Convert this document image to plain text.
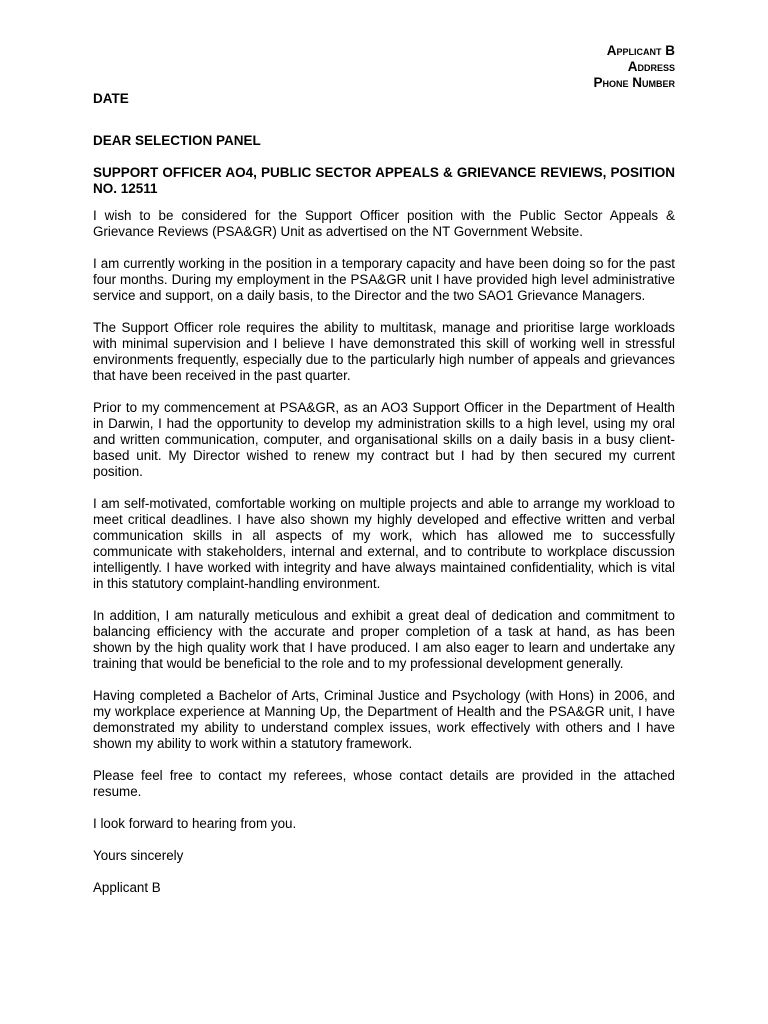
Applicant B
Address
Phone Number
DATE
DEAR SELECTION PANEL
SUPPORT OFFICER AO4, PUBLIC SECTOR APPEALS & GRIEVANCE REVIEWS, POSITION NO. 12511

I wish to be considered for the Support Officer position with the Public Sector Appeals & Grievance Reviews (PSA&GR) Unit as advertised on the NT Government Website.

I am currently working in the position in a temporary capacity and have been doing so for the past four months. During my employment in the PSA&GR unit I have provided high level administrative service and support, on a daily basis, to the Director and the two SAO1 Grievance Managers.

The Support Officer role requires the ability to multitask, manage and prioritise large workloads with minimal supervision and I believe I have demonstrated this skill of working well in stressful environments frequently, especially due to the particularly high number of appeals and grievances that have been received in the past quarter.

Prior to my commencement at PSA&GR, as an AO3 Support Officer in the Department of Health in Darwin, I had the opportunity to develop my administration skills to a high level, using my oral and written communication, computer, and organisational skills on a daily basis in a busy client-based unit. My Director wished to renew my contract but I had by then secured my current position.

I am self-motivated, comfortable working on multiple projects and able to arrange my workload to meet critical deadlines. I have also shown my highly developed and effective written and verbal communication skills in all aspects of my work, which has allowed me to successfully communicate with stakeholders, internal and external, and to contribute to workplace discussion intelligently. I have worked with integrity and have always maintained confidentiality, which is vital in this statutory complaint-handling environment.

In addition, I am naturally meticulous and exhibit a great deal of dedication and commitment to balancing efficiency with the accurate and proper completion of a task at hand, as has been shown by the high quality work that I have produced. I am also eager to learn and undertake any training that would be beneficial to the role and to my professional development generally.

Having completed a Bachelor of Arts, Criminal Justice and Psychology (with Hons) in 2006, and my workplace experience at Manning Up, the Department of Health and the PSA&GR unit, I have demonstrated my ability to understand complex issues, work effectively with others and I have shown my ability to work within a statutory framework.

Please feel free to contact my referees, whose contact details are provided in the attached resume.

I look forward to hearing from you.

Yours sincerely

Applicant B
